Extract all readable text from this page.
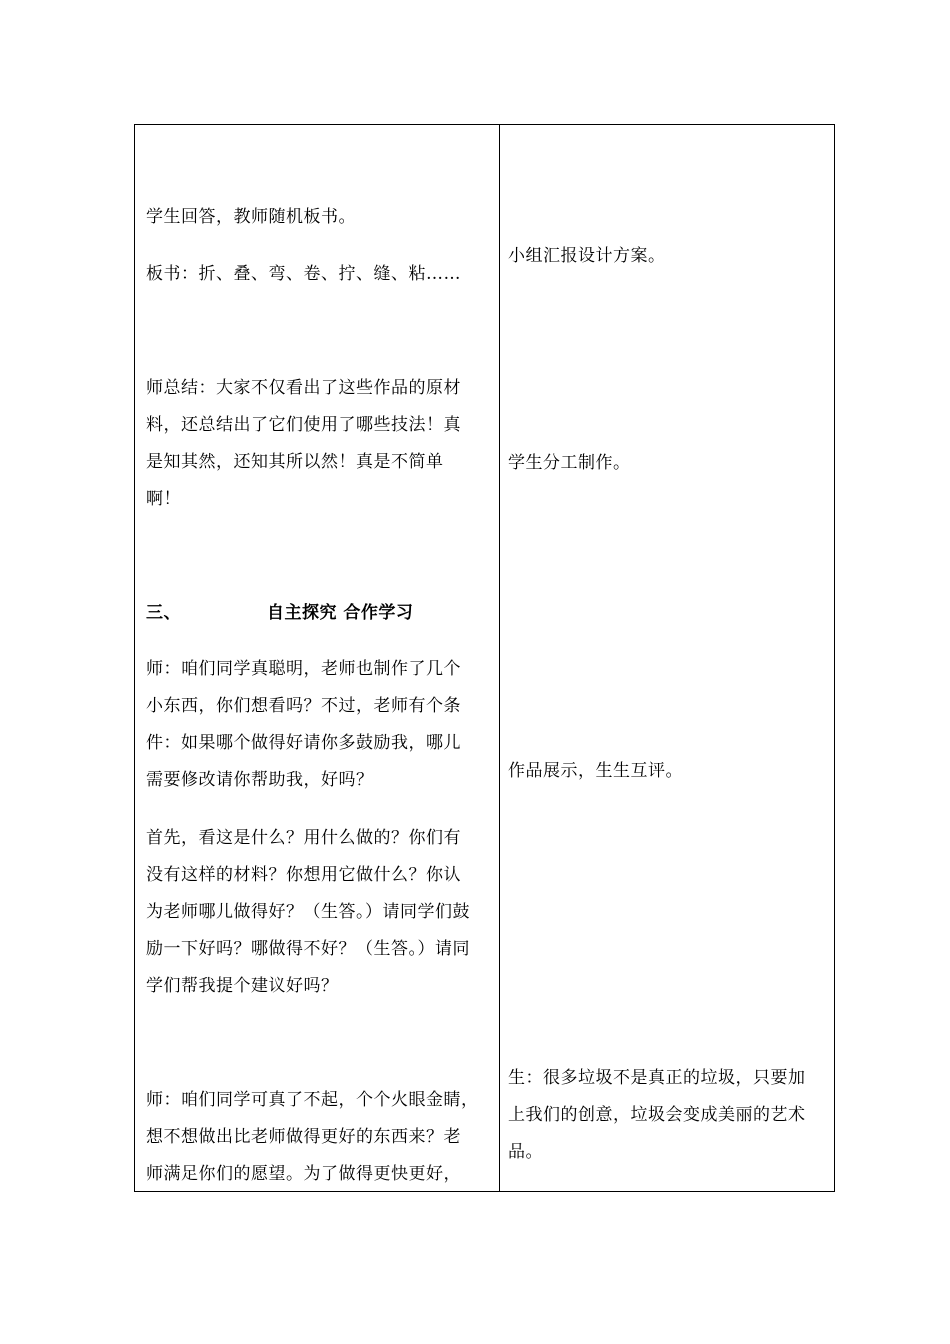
学生回答，教师随机板书。
板书：折、叠、弯、卷、拧、缝、粘……
师总结：大家不仅看出了这些作品的原材
料，还总结出了它们使用了哪些技法！真
是知其然，还知其所以然！真是不简单
啊！
三、	自主探究 合作学习
师：咱们同学真聪明，老师也制作了几个
小东西，你们想看吗？不过，老师有个条
件：如果哪个做得好请你多鼓励我，哪儿
需要修改请你帮助我，好吗？
首先，看这是什么？用什么做的？你们有
没有这样的材料？你想用它做什么？你认
为老师哪儿做得好？（生答。）请同学们鼓
励一下好吗？哪做得不好？（生答。）请同
学们帮我提个建议好吗？
师：咱们同学可真了不起，个个火眼金睛，
想不想做出比老师做得更好的东西来？老
师满足你们的愿望。为了做得更快更好，
小组汇报设计方案。
学生分工制作。
作品展示，生生互评。
生：很多垃圾不是真正的垃圾，只要加
上我们的创意，垃圾会变成美丽的艺术
品。
